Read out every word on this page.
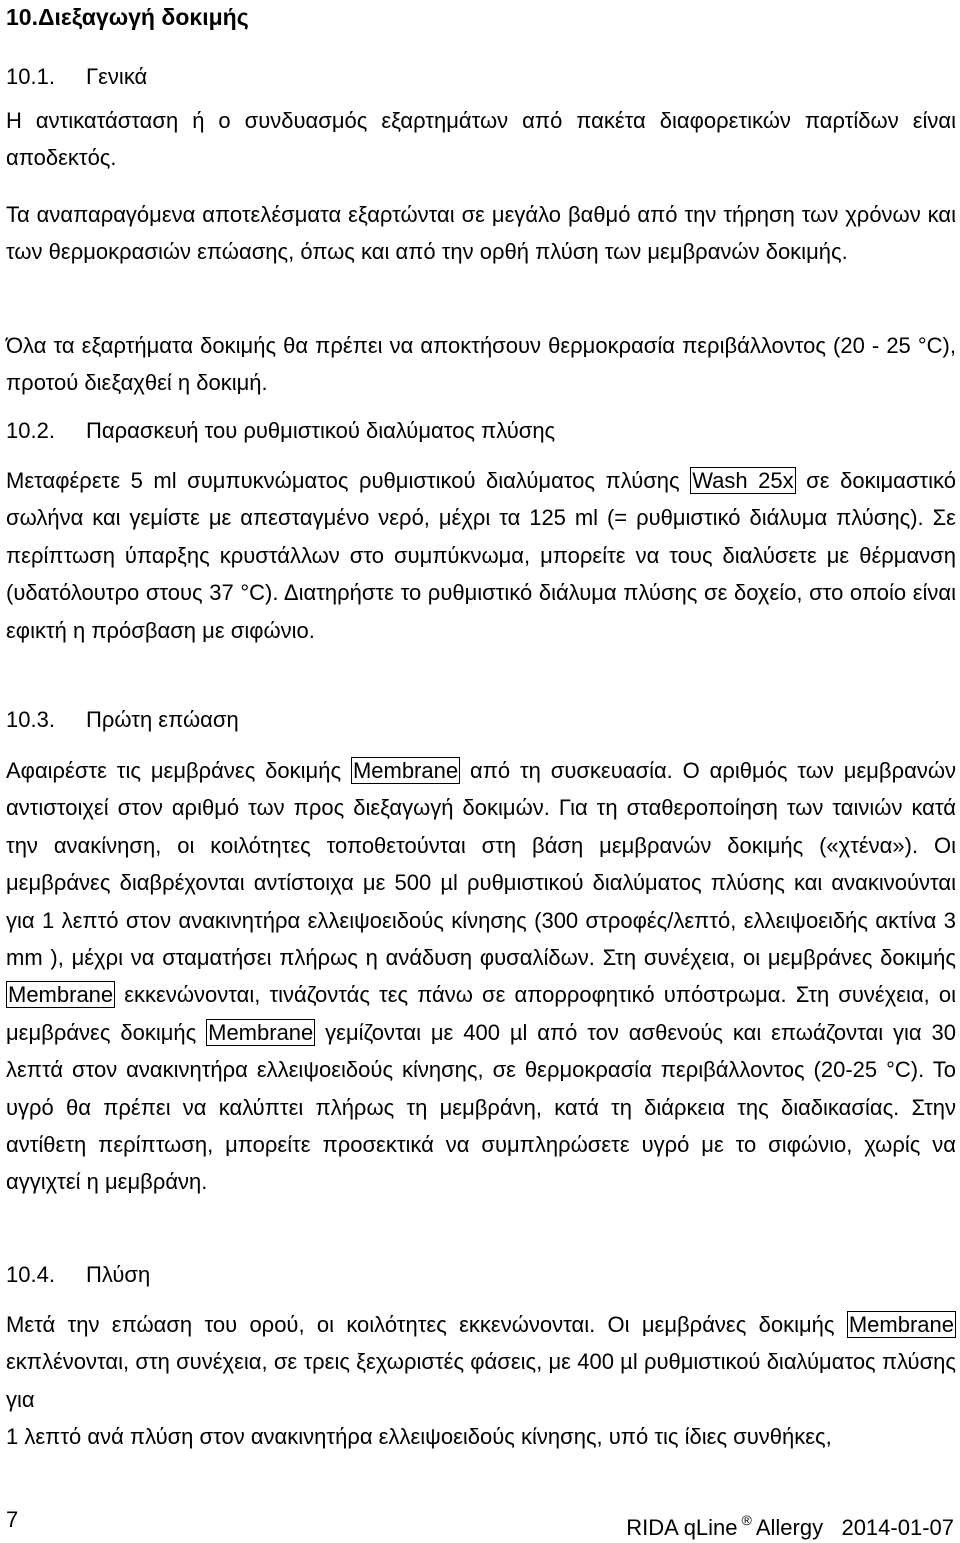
10.Διεξαγωγή δοκιμής
10.1. Γενικά
Η αντικατάσταση ή ο συνδυασμός εξαρτημάτων από πακέτα διαφορετικών παρτίδων είναι αποδεκτός.
Τα αναπαραγόμενα αποτελέσματα εξαρτώνται σε μεγάλο βαθμό από την τήρηση των χρόνων και των θερμοκρασιών επώασης, όπως και από την ορθή πλύση των μεμβρανών δοκιμής.
Όλα τα εξαρτήματα δοκιμής θα πρέπει να αποκτήσουν θερμοκρασία περιβάλλοντος (20 - 25 °C), προτού διεξαχθεί η δοκιμή.
10.2. Παρασκευή του ρυθμιστικού διαλύματος πλύσης
Μεταφέρετε 5 ml συμπυκνώματος ρυθμιστικού διαλύματος πλύσης Wash 25x σε δοκιμαστικό σωλήνα και γεμίστε με απεσταγμένο νερό, μέχρι τα 125 ml (= ρυθμιστικό διάλυμα πλύσης). Σε περίπτωση ύπαρξης κρυστάλλων στο συμπύκνωμα, μπορείτε να τους διαλύσετε με θέρμανση (υδατόλουτρο στους 37 °C). Διατηρήστε το ρυθμιστικό διάλυμα πλύσης σε δοχείο, στο οποίο είναι εφικτή η πρόσβαση με σιφώνιο.
10.3. Πρώτη επώαση
Αφαιρέστε τις μεμβράνες δοκιμής Membrane από τη συσκευασία. Ο αριθμός των μεμβρανών αντιστοιχεί στον αριθμό των προς διεξαγωγή δοκιμών. Για τη σταθεροποίηση των ταινιών κατά την ανακίνηση, οι κοιλότητες τοποθετούνται στη βάση μεμβρανών δοκιμής («χτένα»). Οι μεμβράνες διαβρέχονται αντίστοιχα με 500 µl ρυθμιστικού διαλύματος πλύσης και ανακινούνται για 1 λεπτό στον ανακινητήρα ελλειψοειδούς κίνησης (300 στροφές/λεπτό, ελλειψοειδής ακτίνα 3 mm ), μέχρι να σταματήσει πλήρως η ανάδυση φυσαλίδων. Στη συνέχεια, οι μεμβράνες δοκιμής Membrane εκκενώνονται, τινάζοντάς τες πάνω σε απορροφητικό υπόστρωμα. Στη συνέχεια, οι μεμβράνες δοκιμής Membrane γεμίζονται με 400 µl από τον ασθενούς και επωάζονται για 30 λεπτά στον ανακινητήρα ελλειψοειδούς κίνησης, σε θερμοκρασία περιβάλλοντος (20-25 °C). Το υγρό θα πρέπει να καλύπτει πλήρως τη μεμβράνη, κατά τη διάρκεια της διαδικασίας. Στην αντίθετη περίπτωση, μπορείτε προσεκτικά να συμπληρώσετε υγρό με το σιφώνιο, χωρίς να αγγιχτεί η μεμβράνη.
10.4. Πλύση
Μετά την επώαση του ορού, οι κοιλότητες εκκενώνονται. Οι μεμβράνες δοκιμής Membrane εκπλένονται, στη συνέχεια, σε τρεις ξεχωριστές φάσεις, με 400 µl ρυθμιστικού διαλύματος πλύσης για
1 λεπτό ανά πλύση στον ανακινητήρα ελλειψοειδούς κίνησης, υπό τις ίδιες συνθήκες,
7	RIDA qLine ® Allergy 2014-01-07
